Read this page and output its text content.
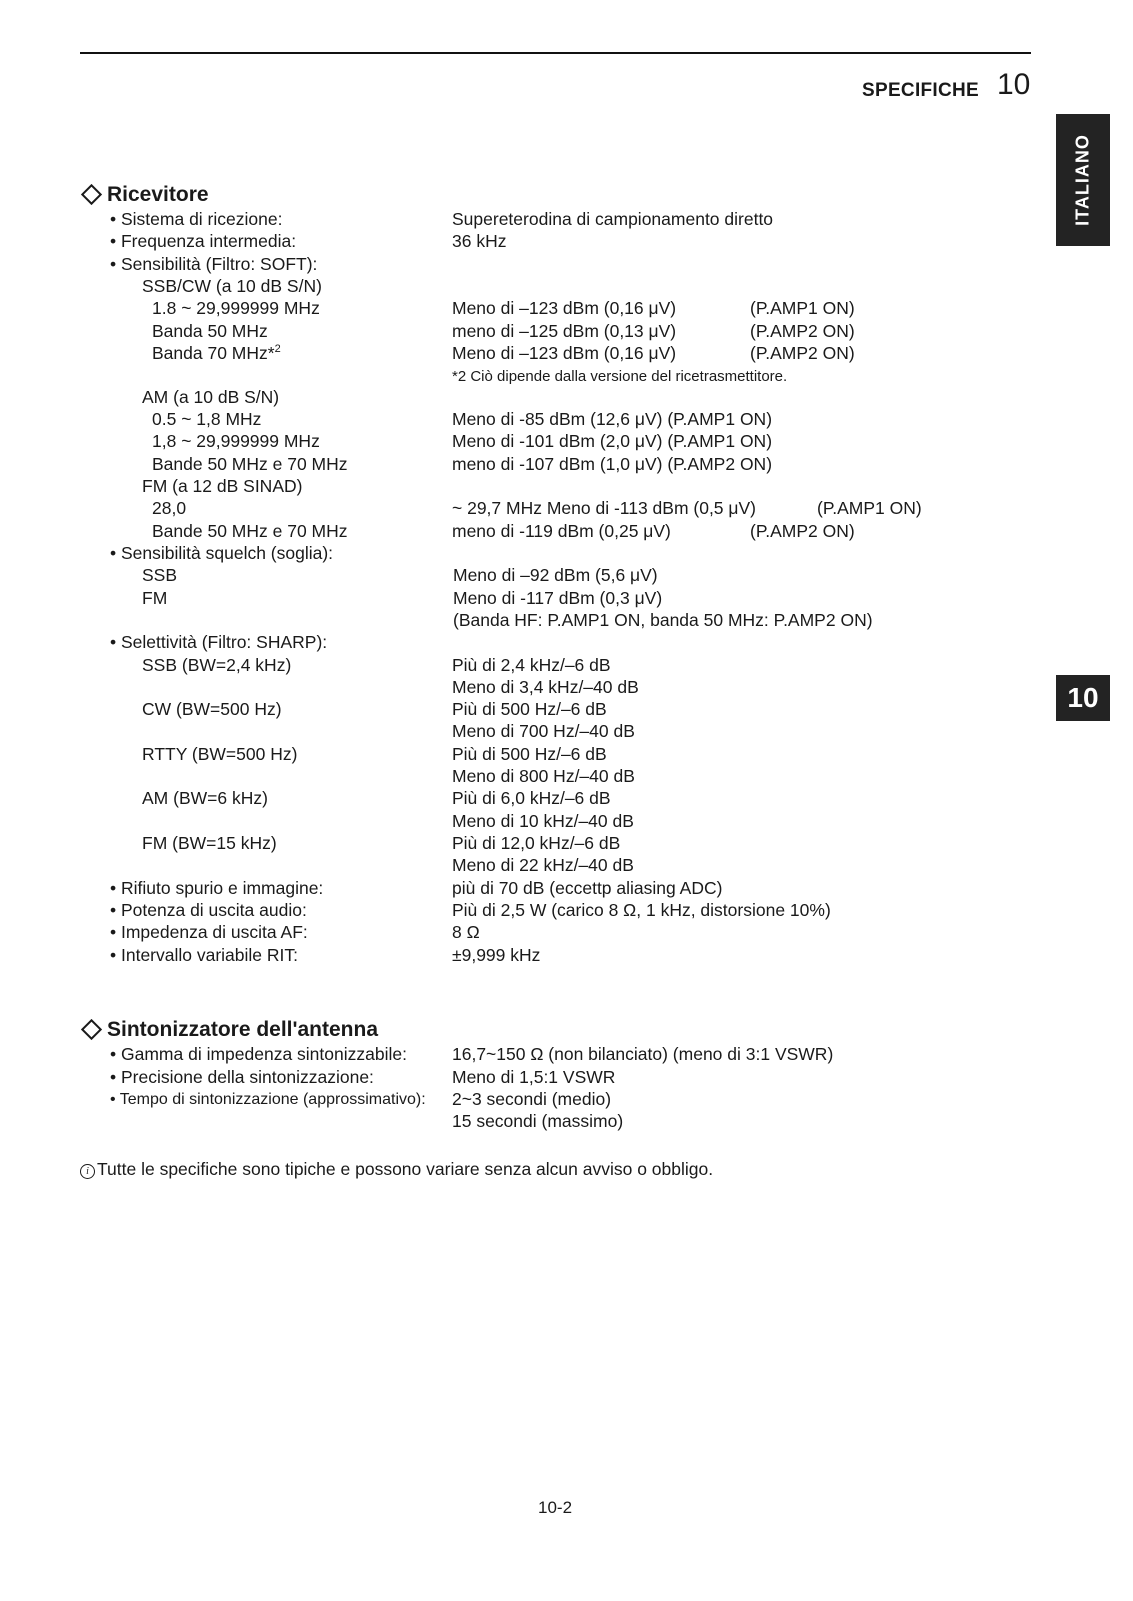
SPECIFICHE 10
ITALIANO
10
Ricevitore
• Sistema di ricezione:	Supereterodina di campionamento diretto
• Frequenza intermedia:	36 kHz
• Sensibilità (Filtro: SOFT):
SSB/CW (a 10 dB S/N)
1.8 ~ 29,999999 MHz	Meno di –123 dBm (0,16 μV)	(P.AMP1 ON)
Banda 50 MHz	meno di –125 dBm (0,13 μV)	(P.AMP2 ON)
Banda 70 MHz*$^2$	Meno di –123 dBm (0,16 μV)	(P.AMP2 ON)
*2 Ciò dipende dalla versione del ricetrasmettitore.
AM (a 10 dB S/N)
0.5 ~ 1,8 MHz	Meno di -85 dBm (12,6 μV) (P.AMP1 ON)
1,8 ~ 29,999999 MHz	Meno di -101 dBm (2,0 μV) (P.AMP1 ON)
Bande 50 MHz e 70 MHz	meno di -107 dBm (1,0 μV) (P.AMP2 ON)
FM (a 12 dB SINAD)
28,0	~ 29,7 MHz Meno di -113 dBm (0,5 μV)	(P.AMP1 ON)
Bande 50 MHz e 70 MHz	meno di -119 dBm (0,25 μV)	(P.AMP2 ON)
• Sensibilità squelch (soglia):
SSB	Meno di –92 dBm (5,6 μV)
FM	Meno di -117 dBm (0,3 μV)
(Banda HF: P.AMP1 ON, banda 50 MHz: P.AMP2 ON)
• Selettività (Filtro: SHARP):
SSB (BW=2,4 kHz)	Più di 2,4 kHz/–6 dB
Meno di 3,4 kHz/–40 dB
CW (BW=500 Hz)	Più di 500 Hz/–6 dB
Meno di 700 Hz/–40 dB
RTTY (BW=500 Hz)	Più di 500 Hz/–6 dB
Meno di 800 Hz/–40 dB
AM (BW=6 kHz)	Più di 6,0 kHz/–6 dB
Meno di 10 kHz/–40 dB
FM (BW=15 kHz)	Più di 12,0 kHz/–6 dB
Meno di 22 kHz/–40 dB
• Rifiuto spurio e immagine:	più di 70 dB (eccettp aliasing ADC)
• Potenza di uscita audio:	Più di 2,5 W (carico 8 Ω, 1 kHz, distorsione 10%)
• Impedenza di uscita AF:	8 Ω
• Intervallo variabile RIT:	±9,999 kHz
Sintonizzatore dell'antenna
• Gamma di impedenza sintonizzabile:	16,7~150 Ω (non bilanciato) (meno di 3:1 VSWR)
• Precisione della sintonizzazione:	Meno di 1,5:1 VSWR
• Tempo di sintonizzazione (approssimativo): 2~3 secondi (medio)
15 secondi (massimo)
i Tutte le specifiche sono tipiche e possono variare senza alcun avviso o obbligo.
10-2
